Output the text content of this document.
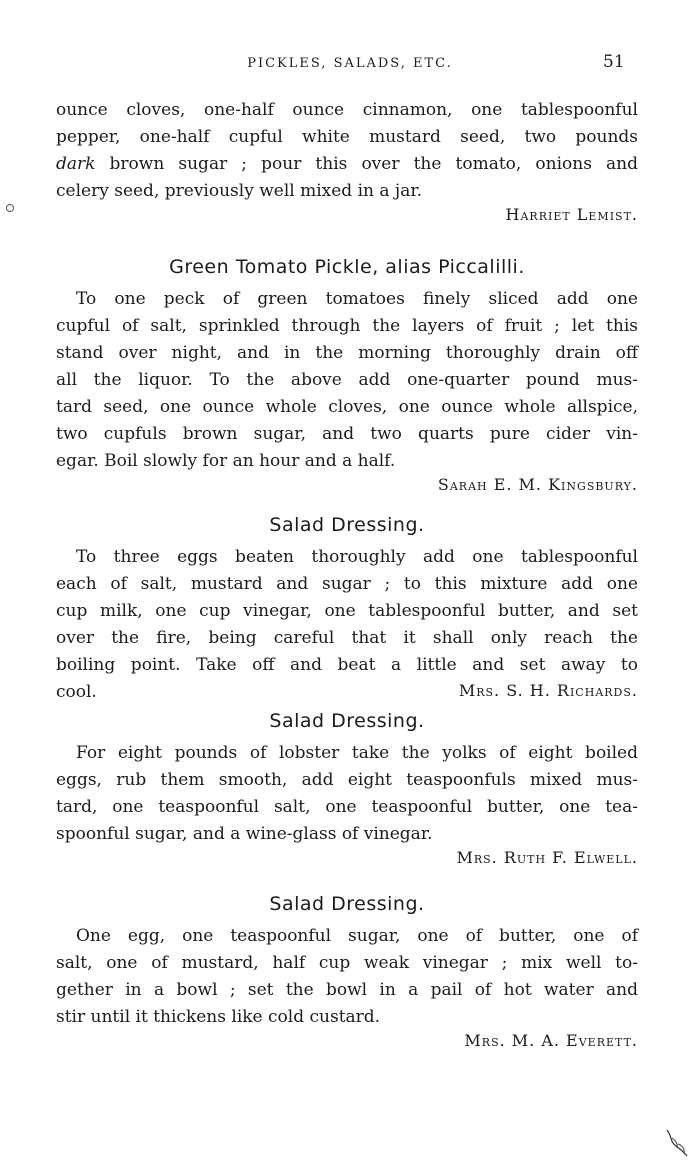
PICKLES, SALADS, ETC.	51
ounce cloves, one-half ounce cinnamon, one tablespoonful
pepper, one-half cupful white mustard seed, two pounds
dark brown sugar ; pour this over the tomato, onions and
celery seed, previously well mixed in a jar.
Harriet Lemist.
Green Tomato Pickle, alias Piccalilli.
To one peck of green tomatoes finely sliced add one
cupful of salt, sprinkled through the layers of fruit ; let this
stand over night, and in the morning thoroughly drain off
all the liquor. To the above add one-quarter pound mus-
tard seed, one ounce whole cloves, one ounce whole allspice,
two cupfuls brown sugar, and two quarts pure cider vin-
egar. Boil slowly for an hour and a half.
Sarah E. M. Kingsbury.
Salad Dressing.
To three eggs beaten thoroughly add one tablespoonful
each of salt, mustard and sugar ; to this mixture add one
cup milk, one cup vinegar, one tablespoonful butter, and set
over the fire, being careful that it shall only reach the
boiling point. Take off and beat a little and set away to
cool.	Mrs. S. H. Richards.
Salad Dressing.
For eight pounds of lobster take the yolks of eight boiled
eggs, rub them smooth, add eight teaspoonfuls mixed mus-
tard, one teaspoonful salt, one teaspoonful butter, one tea-
spoonful sugar, and a wine-glass of vinegar.
Mrs. Ruth F. Elwell.
Salad Dressing.
One egg, one teaspoonful sugar, one of butter, one of
salt, one of mustard, half cup weak vinegar ; mix well to-
gether in a bowl ; set the bowl in a pail of hot water and
stir until it thickens like cold custard.
Mrs. M. A. Everett.
